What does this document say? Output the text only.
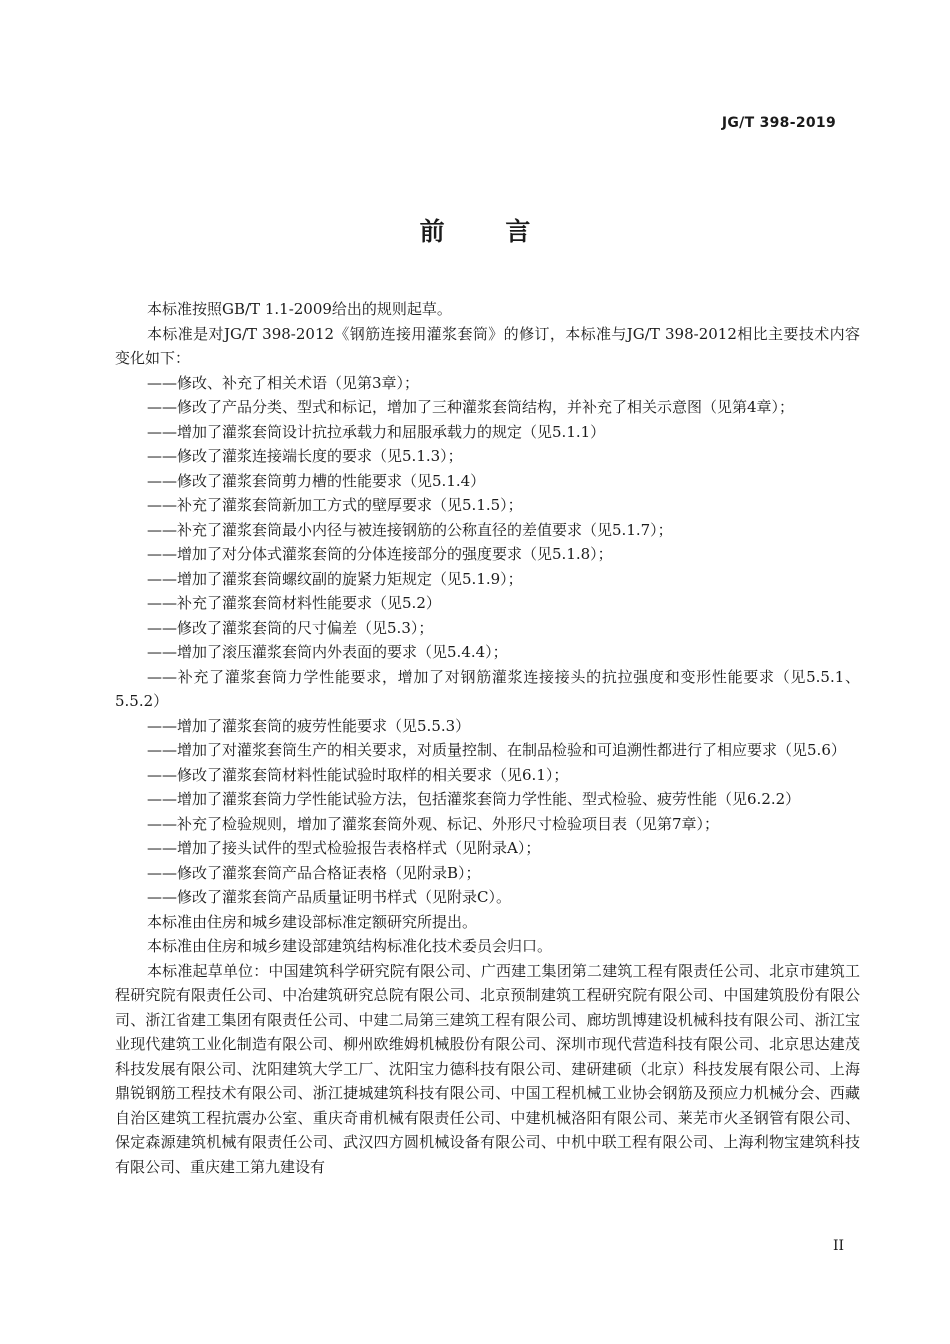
JG/T 398-2019
前 言

本标准按照GB/T 1.1-2009给出的规则起草。

本标准是对JG/T 398-2012《钢筋连接用灌浆套筒》的修订，本标准与JG/T 398-2012相比主要技术内容变化如下：

——修改、补充了相关术语（见第3章）；

——修改了产品分类、型式和标记，增加了三种灌浆套筒结构，并补充了相关示意图（见第4章）；

——增加了灌浆套筒设计抗拉承载力和屈服承载力的规定（见5.1.1）

——修改了灌浆连接端长度的要求（见5.1.3）；

——修改了灌浆套筒剪力槽的性能要求（见5.1.4）

——补充了灌浆套筒新加工方式的壁厚要求（见5.1.5）；

——补充了灌浆套筒最小内径与被连接钢筋的公称直径的差值要求（见5.1.7）；

——增加了对分体式灌浆套筒的分体连接部分的强度要求（见5.1.8）；

——增加了灌浆套筒螺纹副的旋紧力矩规定（见5.1.9）；

——补充了灌浆套筒材料性能要求（见5.2）

——修改了灌浆套筒的尺寸偏差（见5.3）；

——增加了滚压灌浆套筒内外表面的要求（见5.4.4）；

——补充了灌浆套筒力学性能要求，增加了对钢筋灌浆连接接头的抗拉强度和变形性能要求（见5.5.1、5.5.2）

——增加了灌浆套筒的疲劳性能要求（见5.5.3）

——增加了对灌浆套筒生产的相关要求，对质量控制、在制品检验和可追溯性都进行了相应要求（见5.6）

——修改了灌浆套筒材料性能试验时取样的相关要求（见6.1）；

——增加了灌浆套筒力学性能试验方法，包括灌浆套筒力学性能、型式检验、疲劳性能（见6.2.2）

——补充了检验规则，增加了灌浆套筒外观、标记、外形尺寸检验项目表（见第7章）；

——增加了接头试件的型式检验报告表格样式（见附录A）；

——修改了灌浆套筒产品合格证表格（见附录B）；

——修改了灌浆套筒产品质量证明书样式（见附录C）。

本标准由住房和城乡建设部标准定额研究所提出。

本标准由住房和城乡建设部建筑结构标准化技术委员会归口。

本标准起草单位：中国建筑科学研究院有限公司、广西建工集团第二建筑工程有限责任公司、北京市建筑工程研究院有限责任公司、中冶建筑研究总院有限公司、北京预制建筑工程研究院有限公司、中国建筑股份有限公司、浙江省建工集团有限责任公司、中建二局第三建筑工程有限公司、廊坊凯博建设机械科技有限公司、浙江宝业现代建筑工业化制造有限公司、柳州欧维姆机械股份有限公司、深圳市现代营造科技有限公司、北京思达建茂科技发展有限公司、沈阳建筑大学工厂、沈阳宝力德科技有限公司、建研建硕（北京）科技发展有限公司、上海鼎锐钢筋工程技术有限公司、浙江捷城建筑科技有限公司、中国工程机械工业协会钢筋及预应力机械分会、西藏自治区建筑工程抗震办公室、重庆奇甫机械有限责任公司、中建机械洛阳有限公司、莱芜市火圣钢管有限公司、保定森源建筑机械有限责任公司、武汉四方圆机械设备有限公司、中机中联工程有限公司、上海利物宝建筑科技有限公司、重庆建工第九建设有

II
